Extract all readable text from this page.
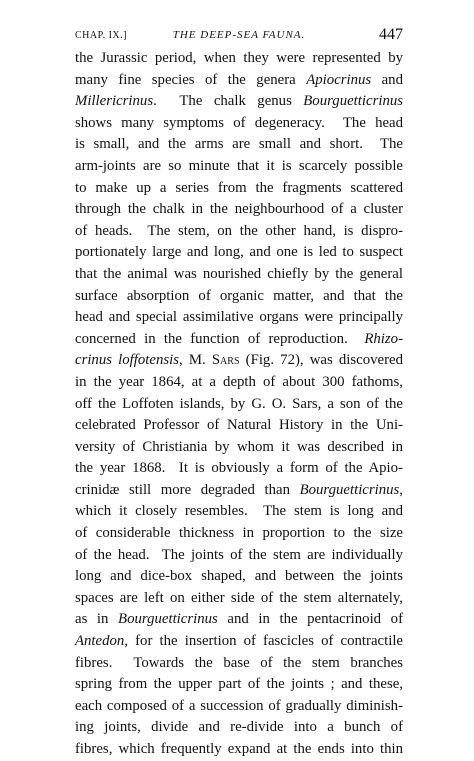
CHAP. IX.]	THE DEEP-SEA FAUNA.	447
the Jurassic period, when they were represented by
many fine species of the genera Apiocrinus and
Millericrinus.  The chalk genus Bourguetticrinus
shows many symptoms of degeneracy.  The head
is small, and the arms are small and short.  The
arm-joints are so minute that it is scarcely possible
to make up a series from the fragments scattered
through the chalk in the neighbourhood of a cluster
of heads.  The stem, on the other hand, is dispro-
portionately large and long, and one is led to suspect
that the animal was nourished chiefly by the general
surface absorption of organic matter, and that the
head and special assimilative organs were principally
concerned in the function of reproduction.  Rhizo-
crinus loffotensis, M. Sars (Fig. 72), was discovered
in the year 1864, at a depth of about 300 fathoms,
off the Loffoten islands, by G. O. Sars, a son of the
celebrated Professor of Natural History in the Uni-
versity of Christiania by whom it was described in
the year 1868.  It is obviously a form of the Apio-
crinidæ still more degraded than Bourguetticrinus,
which it closely resembles.  The stem is long and
of considerable thickness in proportion to the size
of the head.  The joints of the stem are individually
long and dice-box shaped, and between the joints
spaces are left on either side of the stem alternately,
as in Bourguetticrinus and in the pentacrinoid of
Antedon, for the insertion of fascicles of contractile
fibres.  Towards the base of the stem branches
spring from the upper part of the joints ; and these,
each composed of a succession of gradually diminish-
ing joints, divide and re-divide into a bunch of
fibres, which frequently expand at the ends into thin
